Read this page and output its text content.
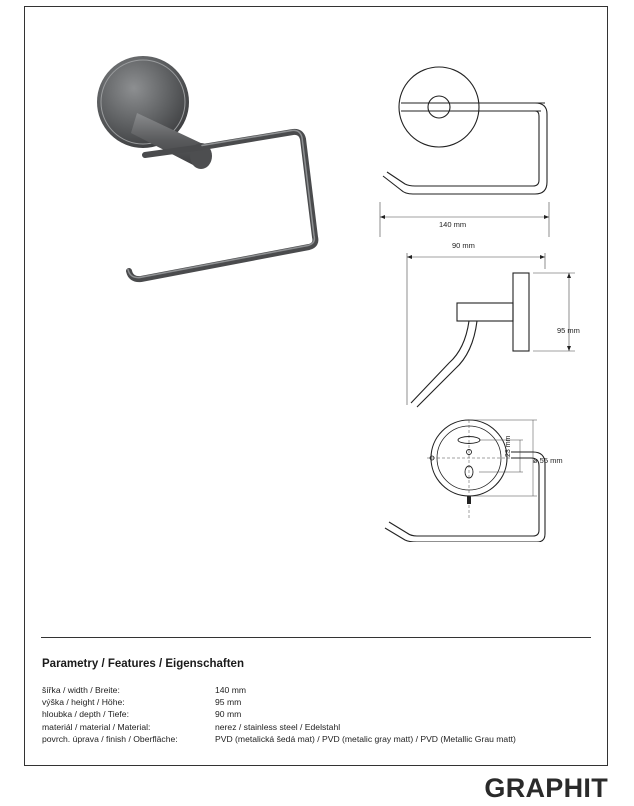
140 mm
90 mm
95 mm
23 mm
ø 55 mm
Parametry / Features / Eigenschaften
šířka / width / Breite:	140 mm
výška / height / Höhe:	95 mm
hloubka / depth / Tiefe:	90 mm
materiál / material / Material:	nerez / stainless steel / Edelstahl
povrch. úprava / finish / Oberfläche:	PVD (metalická šedá mat) / PVD (metalic gray matt) / PVD (Metallic Grau matt)
GRAPHIT
